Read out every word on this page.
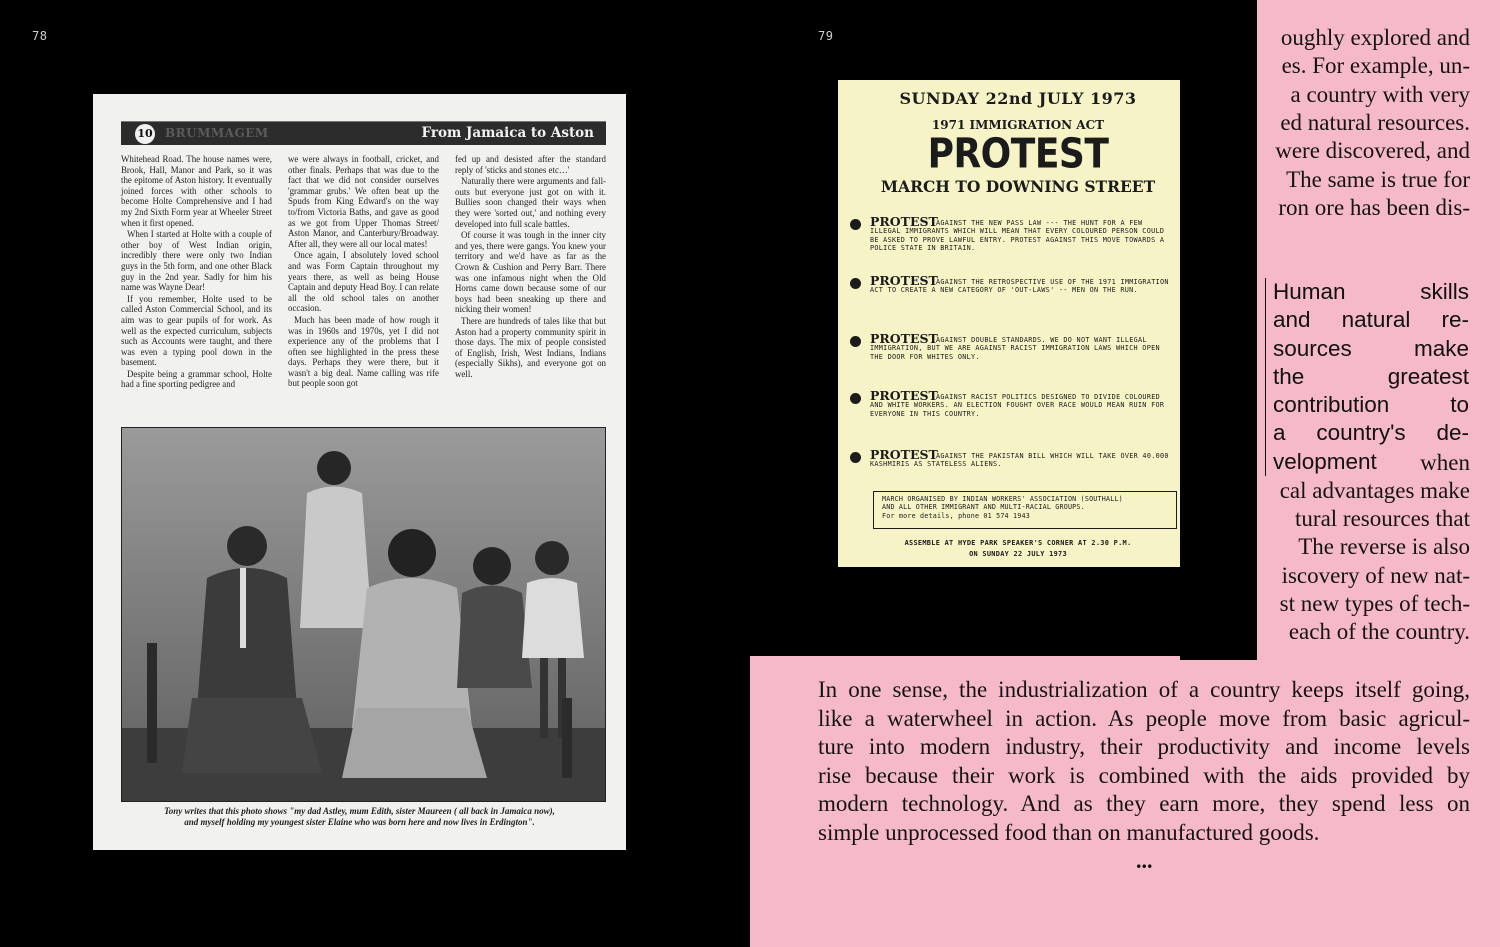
78	79
10 BRUMMAGEM	From Jamaica to Aston

Whitehead Road. The house names were, Brook, Hall, Manor and Park, so it was the epitome of Aston history. It eventually joined forces with other schools to become Holte Comprehensive and I had my 2nd Sixth Form year at Wheeler Street when it first opened.

When I started at Holte with a couple of other boy of West Indian origin, incredibly there were only two Indian guys in the 5th form, and one other Black guy in the 2nd year. Sadly for him his name was Wayne Dear!

If you remember, Holte used to be called Aston Commercial School, and its aim was to gear pupils of for work. As well as the expected curriculum, subjects such as Accounts were taught, and there was even a typing pool down in the basement.

Despite being a grammar school, Holte had a fine sporting pedigree and

we were always in football, cricket, and other finals. Perhaps that was due to the fact that we did not consider ourselves 'grammar grubs.' We often beat up the Spuds from King Edward's on the way to/from Victoria Baths, and gave as good as we got from Upper Thomas Street/ Aston Manor, and Canterbury/Broadway. After all, they were all our local mates!

Once again, I absolutely loved school and was Form Captain throughout my years there, as well as being House Captain and deputy Head Boy. I can relate all the old school tales on another occasion.

Much has been made of how rough it was in 1960s and 1970s, yet I did not experience any of the problems that I often see highlighted in the press these days. Perhaps they were there, but it wasn't a big deal. Name calling was rife but people soon got

fed up and desisted after the standard reply of 'sticks and stones etc…'

Naturally there were arguments and fall-outs but everyone just got on with it. Bullies soon changed their ways when they were 'sorted out,' and nothing every developed into full scale battles.

Of course it was tough in the inner city and yes, there were gangs. You knew your territory and we'd have as far as the Crown & Cushion and Perry Barr. There was one infamous night when the Old Horns came down because some of our boys had been sneaking up there and nicking their women!

There are hundreds of tales like that but Aston had a property community spirit in those days. The mix of people consisted of English, Irish, West Indians, Indians (especially Sikhs), and everyone got on well.

Tony writes that this photo shows "my dad Astley, mum Edith, sister Maureen ( all back in Jamaica now),
and myself holding my youngest sister Elaine who was born here and now lives in Erdington".
oughly explored and
es. For example, un-
a country with very
ed natural resources.
were discovered, and
The same is true for
ron ore has been dis-
when
cal advantages make
tural resources that
The reverse is also
iscovery of new nat-
st new types of tech-
each of the country.
Human skills
and natural re-
sources make
the greatest
contribution to
a country's de-
velopment
SUNDAY 22nd JULY 1973
1971 IMMIGRATION ACT
PROTEST
MARCH TO DOWNING STREET
PROTEST
AGAINST THE NEW PASS LAW --- THE HUNT FOR A FEW ILLEGAL IMMIGRANTS WHICH WILL MEAN THAT EVERY COLOURED PERSON COULD BE ASKED TO PROVE LAWFUL ENTRY. PROTEST AGAINST THIS MOVE TOWARDS A POLICE STATE IN BRITAIN.
PROTEST
AGAINST THE RETROSPECTIVE USE OF THE 1971 IMMIGRATION ACT TO CREATE A NEW CATEGORY OF 'OUT-LAWS' -- MEN ON THE RUN.
PROTEST
AGAINST DOUBLE STANDARDS. WE DO NOT WANT ILLEGAL IMMIGRATION, BUT WE ARE AGAINST RACIST IMMIGRATION LAWS WHICH OPEN THE DOOR FOR WHITES ONLY.
PROTEST
AGAINST RACIST POLITICS DESIGNED TO DIVIDE COLOURED AND WHITE WORKERS. AN ELECTION FOUGHT OVER RACE WOULD MEAN RUIN FOR EVERYONE IN THIS COUNTRY.
PROTEST
AGAINST THE PAKISTAN BILL WHICH WILL TAKE OVER 40.000 KASHMIRIS AS STATELESS ALIENS.
MARCH ORGANISED BY INDIAN WORKERS' ASSOCIATION (SOUTHALL)
AND ALL OTHER IMMIGRANT AND MULTI-RACIAL GROUPS.
For more details, phone 01 574 1943
ASSEMBLE AT HYDE PARK SPEAKER'S CORNER AT 2.30 P.M.
ON SUNDAY 22 JULY 1973
In one sense, the industrialization of a country keeps itself going,
like a waterwheel in action. As people move from basic agricul-
ture into modern industry, their productivity and income levels
rise because their work is combined with the aids provided by
modern technology. And as they earn more, they spend less on
simple unprocessed food than on manufactured goods.
...
